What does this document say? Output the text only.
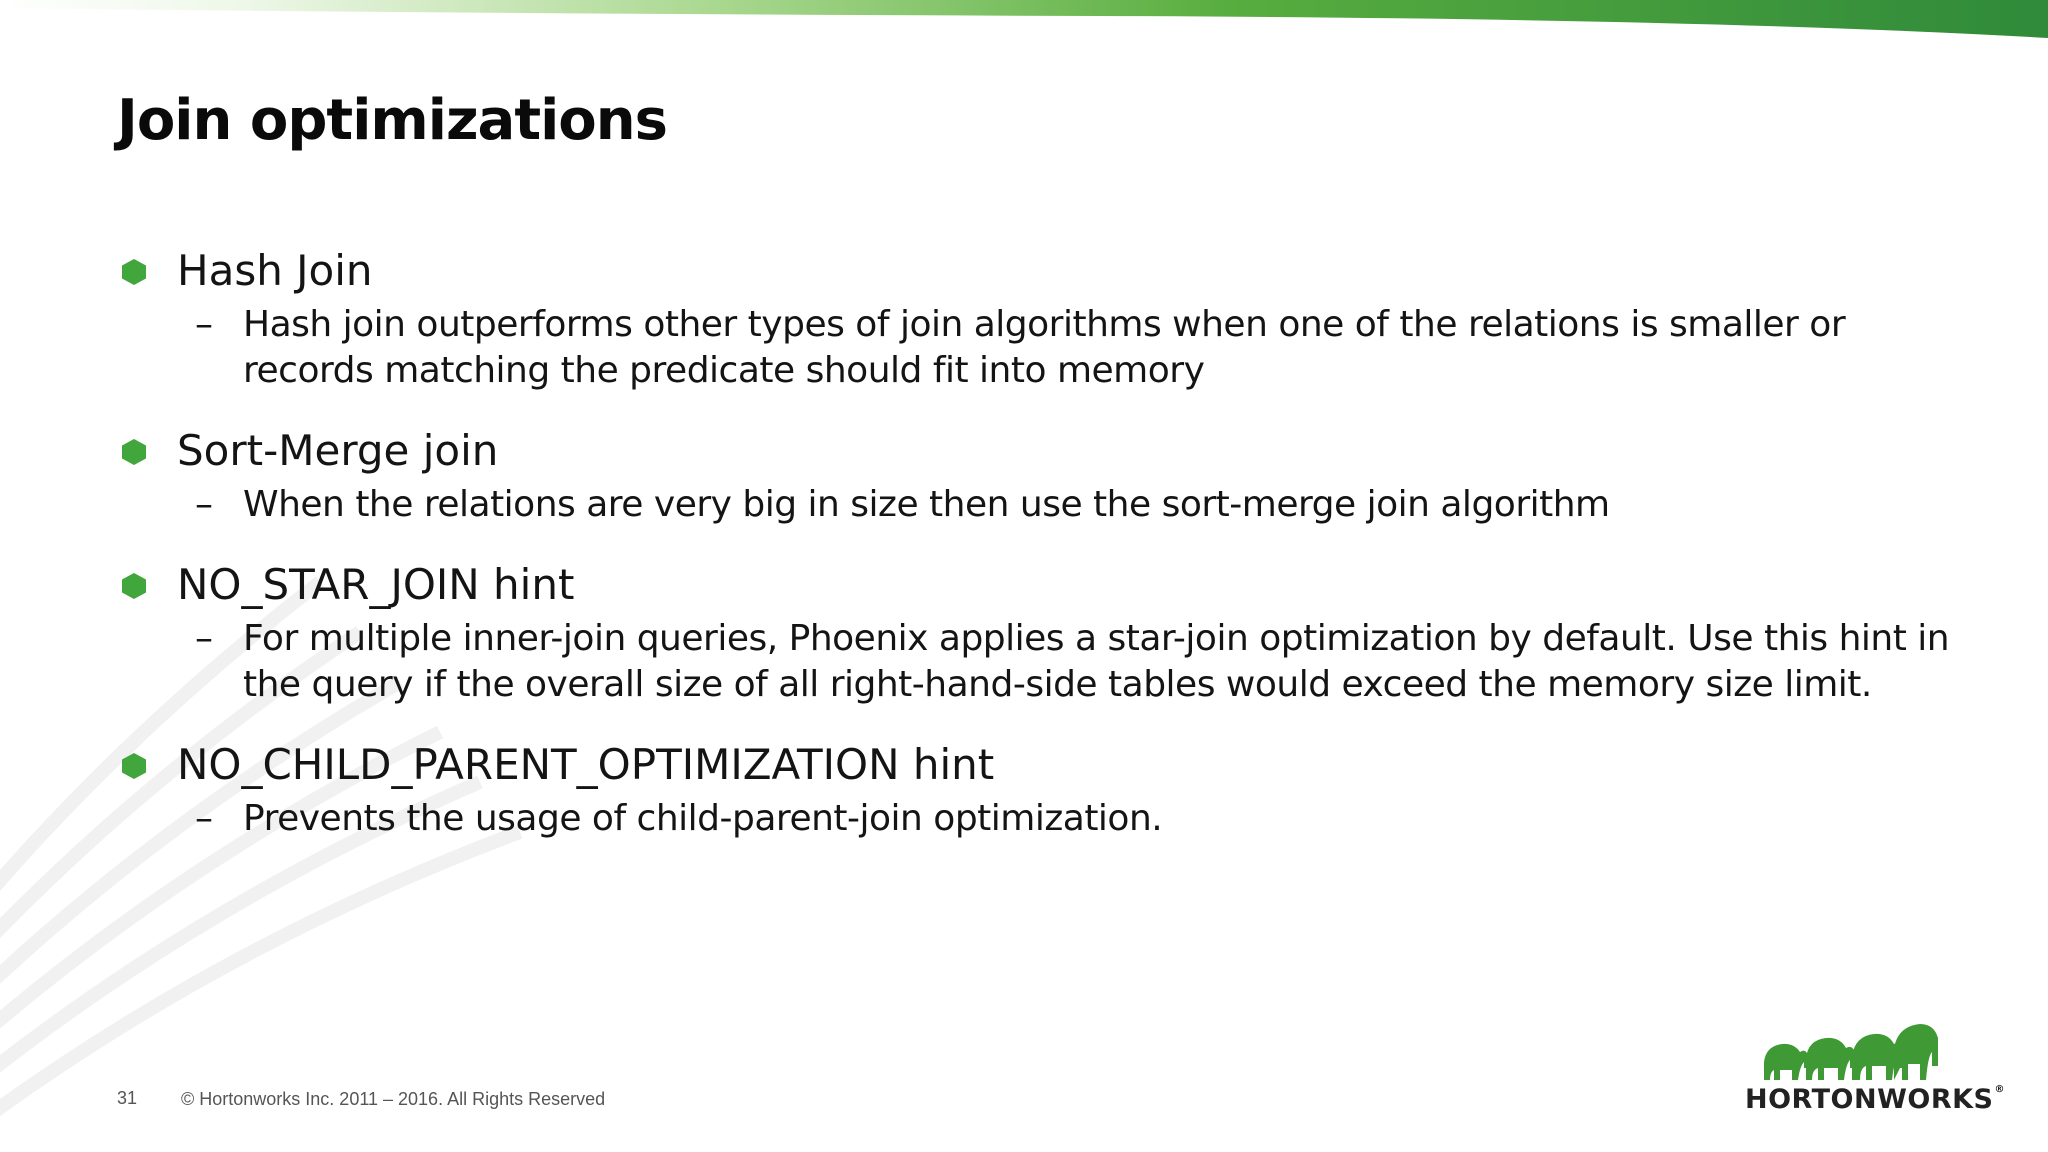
Join optimizations
Hash Join
– Hash join outperforms other types of join algorithms when one of the relations is smaller or records matching the predicate should fit into memory
Sort-Merge join
– When the relations are very big in size then use the sort-merge join algorithm
NO_STAR_JOIN hint
– For multiple inner-join queries, Phoenix applies a star-join optimization by default. Use this hint in the query if the overall size of all right-hand-side tables would exceed the memory size limit.
NO_CHILD_PARENT_OPTIMIZATION hint
– Prevents the usage of child-parent-join optimization.
31 © Hortonworks Inc. 2011 – 2016. All Rights Reserved	HORTONWORKS®
